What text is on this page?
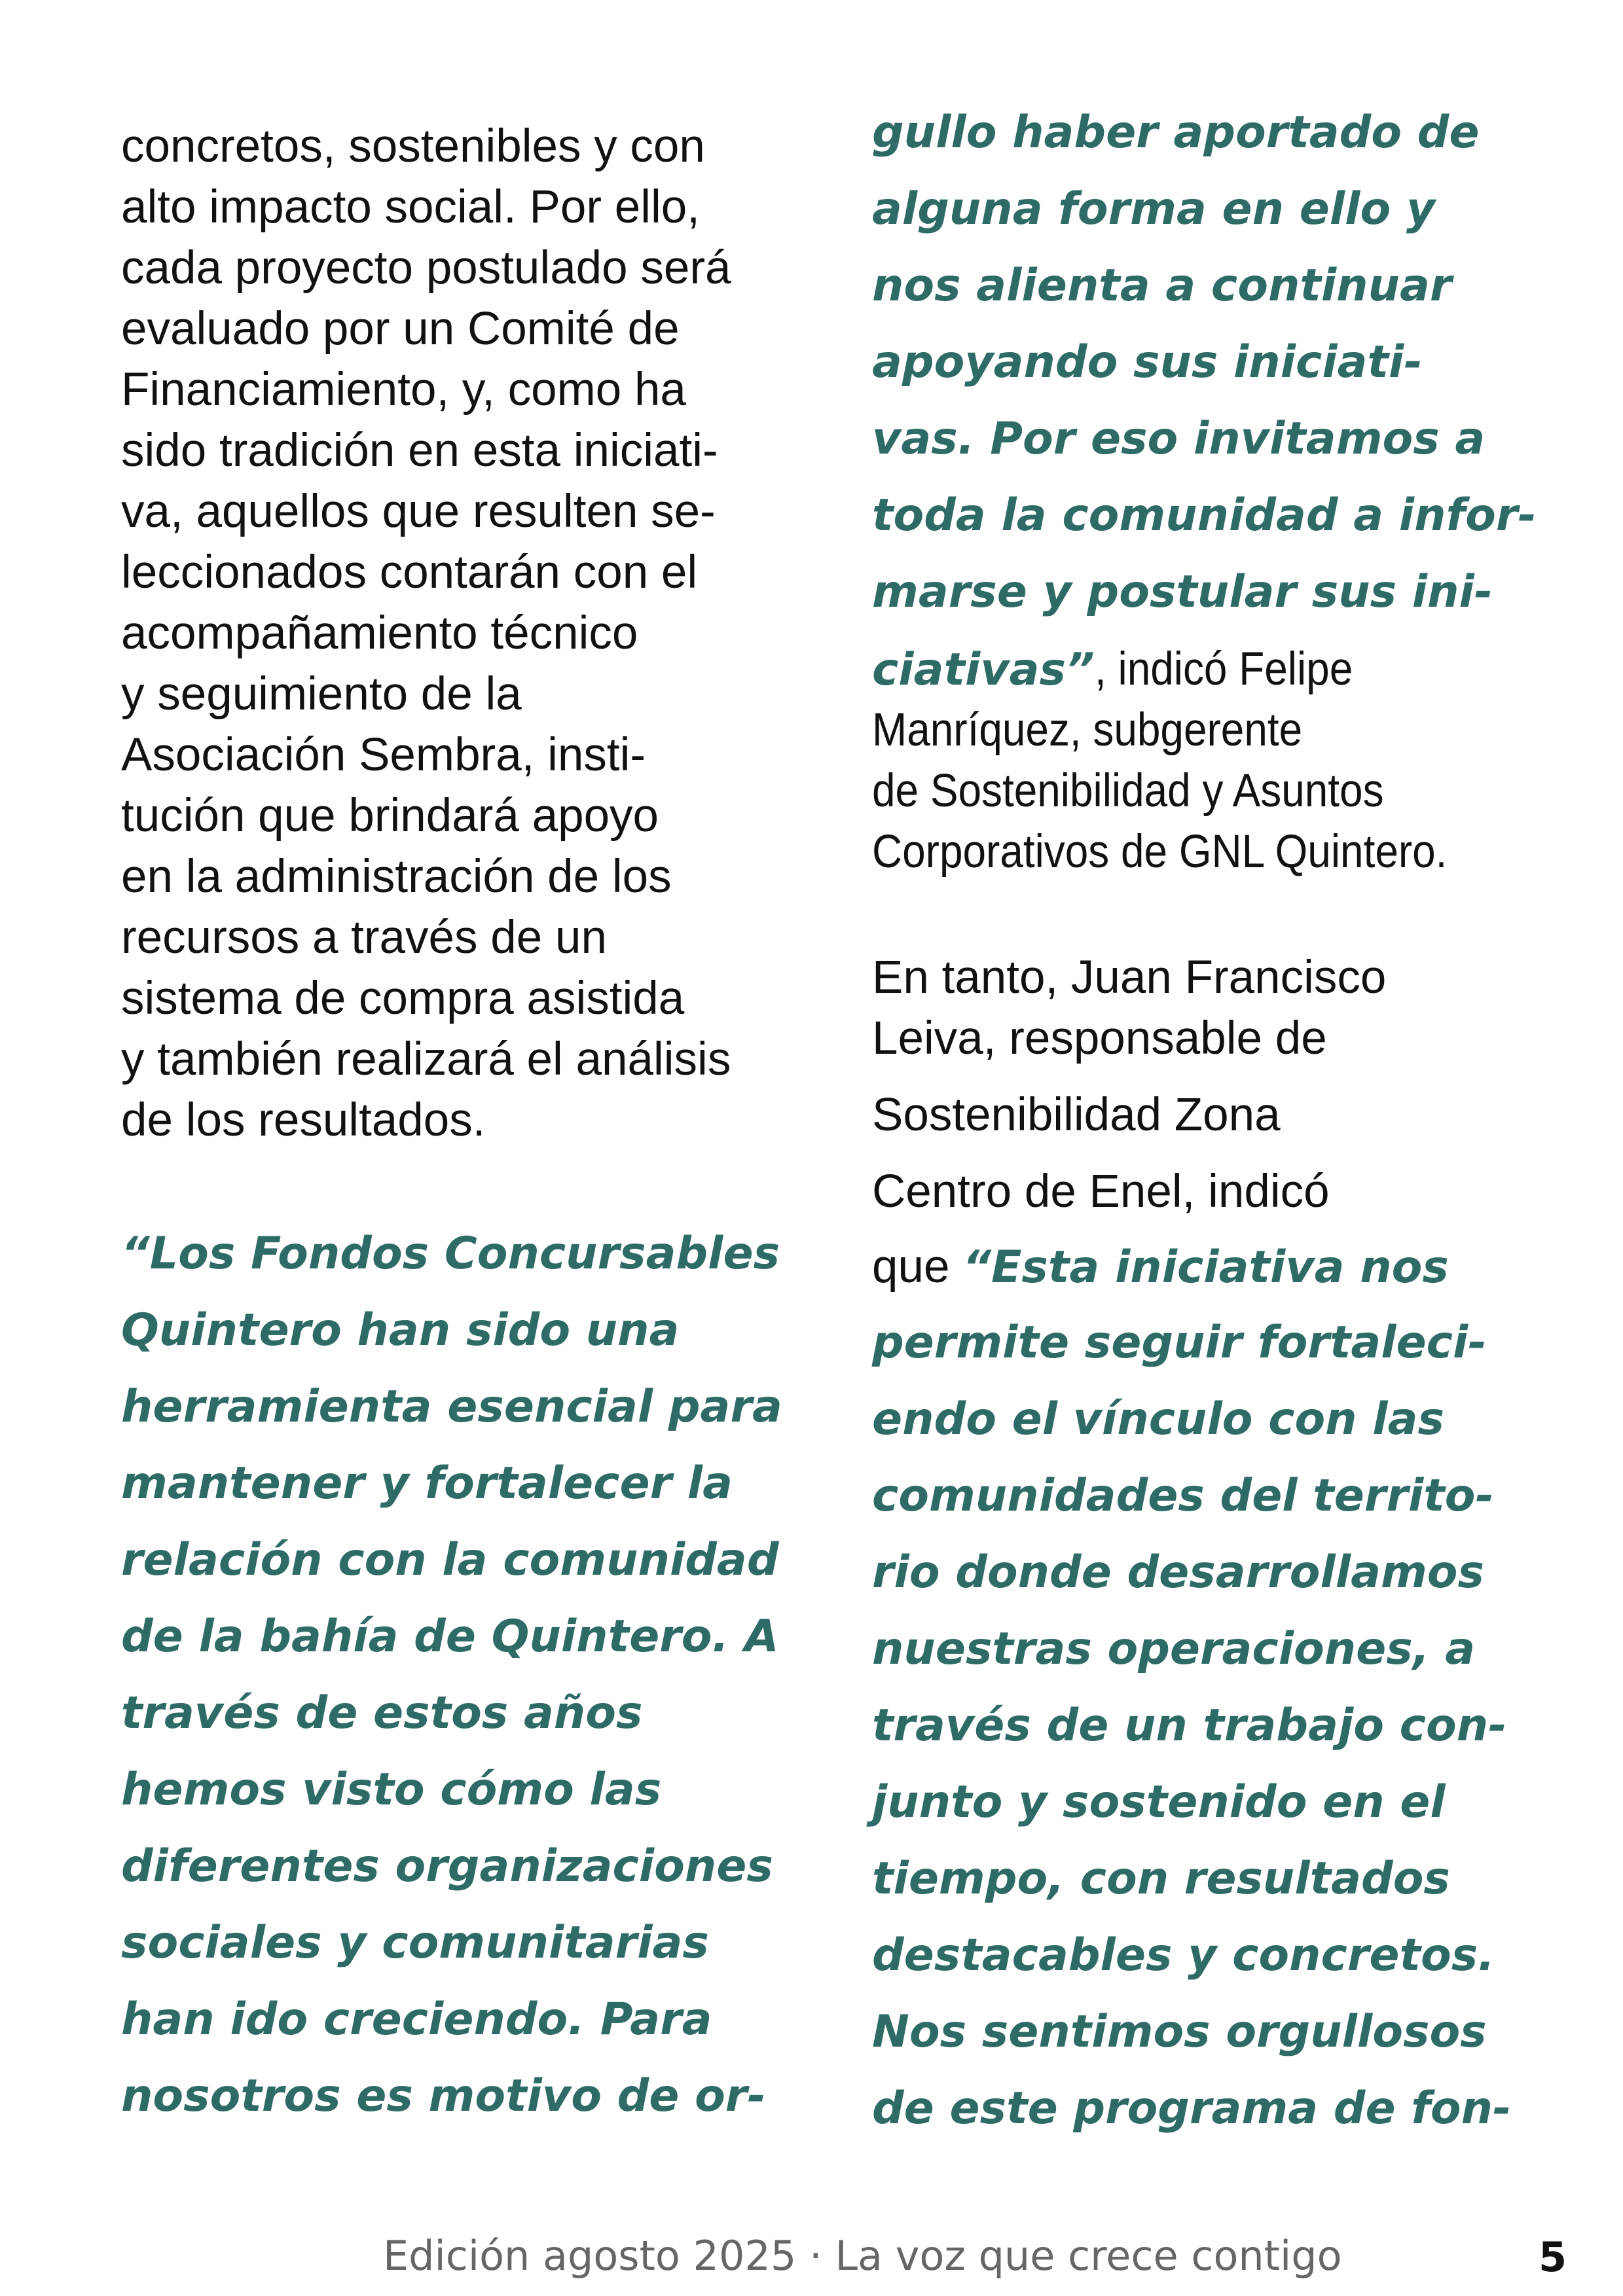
concretos, sostenibles y con
alto impacto social. Por ello,
cada proyecto postulado será
evaluado por un Comité de
Financiamiento, y, como ha
sido tradición en esta iniciati-
va, aquellos que resulten se-
leccionados contarán con el
acompañamiento técnico
y seguimiento de la
Asociación Sembra, insti-
tución que brindará apoyo
en la administración de los
recursos a través de un
sistema de compra asistida
y también realizará el análisis
de los resultados.
“Los Fondos Concursables
Quintero han sido una
herramienta esencial para
mantener y fortalecer la
relación con la comunidad
de la bahía de Quintero. A
través de estos años
hemos visto cómo las
diferentes organizaciones
sociales y comunitarias
han ido creciendo. Para
nosotros es motivo de or-
gullo haber aportado de
alguna forma en ello y
nos alienta a continuar
apoyando sus iniciati-
vas. Por eso invitamos a
toda la comunidad a infor-
marse y postular sus ini-
ciativas”, indicó Felipe
Manríquez, subgerente
de Sostenibilidad y Asuntos
Corporativos de GNL Quintero.
En tanto, Juan Francisco
Leiva, responsable de
Sostenibilidad Zona
Centro de Enel, indicó
que “Esta iniciativa nos
permite seguir fortaleci-
endo el vínculo con las
comunidades del territo-
rio donde desarrollamos
nuestras operaciones, a
través de un trabajo con-
junto y sostenido en el
tiempo, con resultados
destacables y concretos.
Nos sentimos orgullosos
de este programa de fon-
Edición agosto 2025 · La voz que crece contigo	5
